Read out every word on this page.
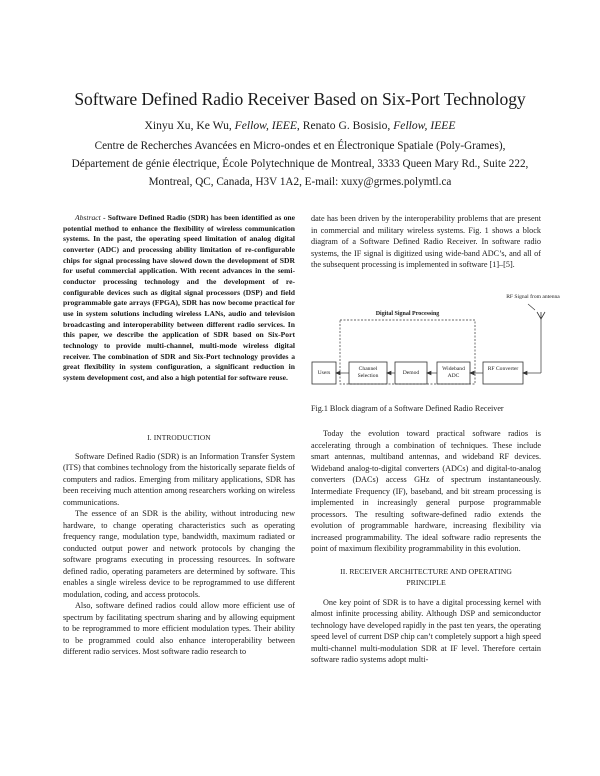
Software Defined Radio Receiver Based on Six-Port Technology
Xinyu Xu, Ke Wu, Fellow, IEEE, Renato G. Bosisio, Fellow, IEEE
Centre de Recherches Avancées en Micro-ondes et en Électronique Spatiale (Poly-Grames),
Département de génie électrique, École Polytechnique de Montreal, 3333 Queen Mary Rd., Suite 222,
Montreal, QC, Canada, H3V 1A2, E-mail: xuxy@grmes.polymtl.ca

Abstract - Software Defined Radio (SDR) has been identified as one potential method to enhance the flexibility of wireless communication systems. In the past, the operating speed limitation of analog digital converter (ADC) and processing ability limitation of re-configurable chips for signal processing have slowed down the development of SDR for useful commercial application. With recent advances in the semi-conductor processing technology and the development of re-configurable devices such as digital signal processors (DSP) and field programmable gate arrays (FPGA), SDR has now become practical for use in system solutions including wireless LANs, audio and television broadcasting and interoperability between different radio services. In this paper, we describe the application of SDR based on Six-Port technology to provide multi-channel, multi-mode wireless digital receiver. The combination of SDR and Six-Port technology provides a great flexibility in system configuration, a significant reduction in system development cost, and also a high potential for software reuse.

I. INTRODUCTION

Software Defined Radio (SDR) is an Information Transfer System (ITS) that combines technology from the historically separate fields of computers and radios. Emerging from military applications, SDR has been receiving much attention among researchers working on wireless communications.

The essence of an SDR is the ability, without introducing new hardware, to change operating characteristics such as operating frequency range, modulation type, bandwidth, maximum radiated or conducted output power and network protocols by changing the software programs executing in processing resources. In software defined radio, operating parameters are determined by software. This enables a single wireless device to be reprogrammed to use different modulation, coding, and access protocols.

Also, software defined radios could allow more efficient use of spectrum by facilitating spectrum sharing and by allowing equipment to be reprogrammed to more efficient modulation types. Their ability to be programmed could also enhance interoperability between different radio services. Most software radio research to

date has been driven by the interoperability problems that are present in commercial and military wireless systems. Fig. 1 shows a block diagram of a Software Defined Radio Receiver. In software radio systems, the IF signal is digitized using wide-band ADC’s, and all of the subsequent processing is implemented in software [1]–[5].

Digital Signal Processing
RF Signal from antenna
Users
Channel Selection	Demod
Wideband ADC
RF Converter
Fig.1 Block diagram of a Software Defined Radio Receiver

Today the evolution toward practical software radios is accelerating through a combination of techniques. These include smart antennas, multiband antennas, and wideband RF devices. Wideband analog-to-digital converters (ADCs) and digital-to-analog converters (DACs) access GHz of spectrum instantaneously. Intermediate Frequency (IF), baseband, and bit stream processing is implemented in increasingly general purpose programmable processors. The resulting software-defined radio extends the evolution of programmable hardware, increasing flexibility via increased programmability. The ideal software radio represents the point of maximum flexibility programmability in this evolution.

II. RECEIVER ARCHITECTURE AND OPERATING PRINCIPLE

One key point of SDR is to have a digital processing kernel with almost infinite processing ability. Although DSP and semiconductor technology have developed rapidly in the past ten years, the operating speed level of current DSP chip can’t completely support a high speed multi-channel multi-modulation SDR at IF level. Therefore certain software radio systems adopt multi-
